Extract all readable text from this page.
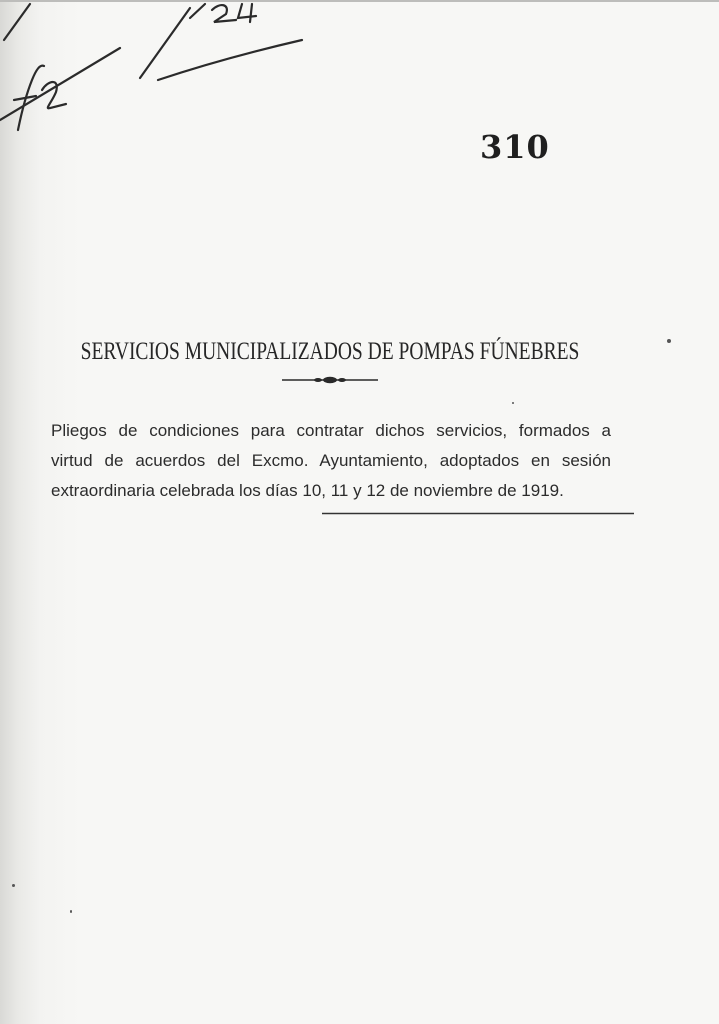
310
SERVICIOS MUNICIPALIZADOS DE POMPAS FÚNEBRES
Pliegos de condiciones para contratar dichos servicios, formados a
virtud de acuerdos del Excmo. Ayuntamiento, adoptados en sesión
extraordinaria celebrada los días 10, 11 y 12 de noviembre de 1919.
